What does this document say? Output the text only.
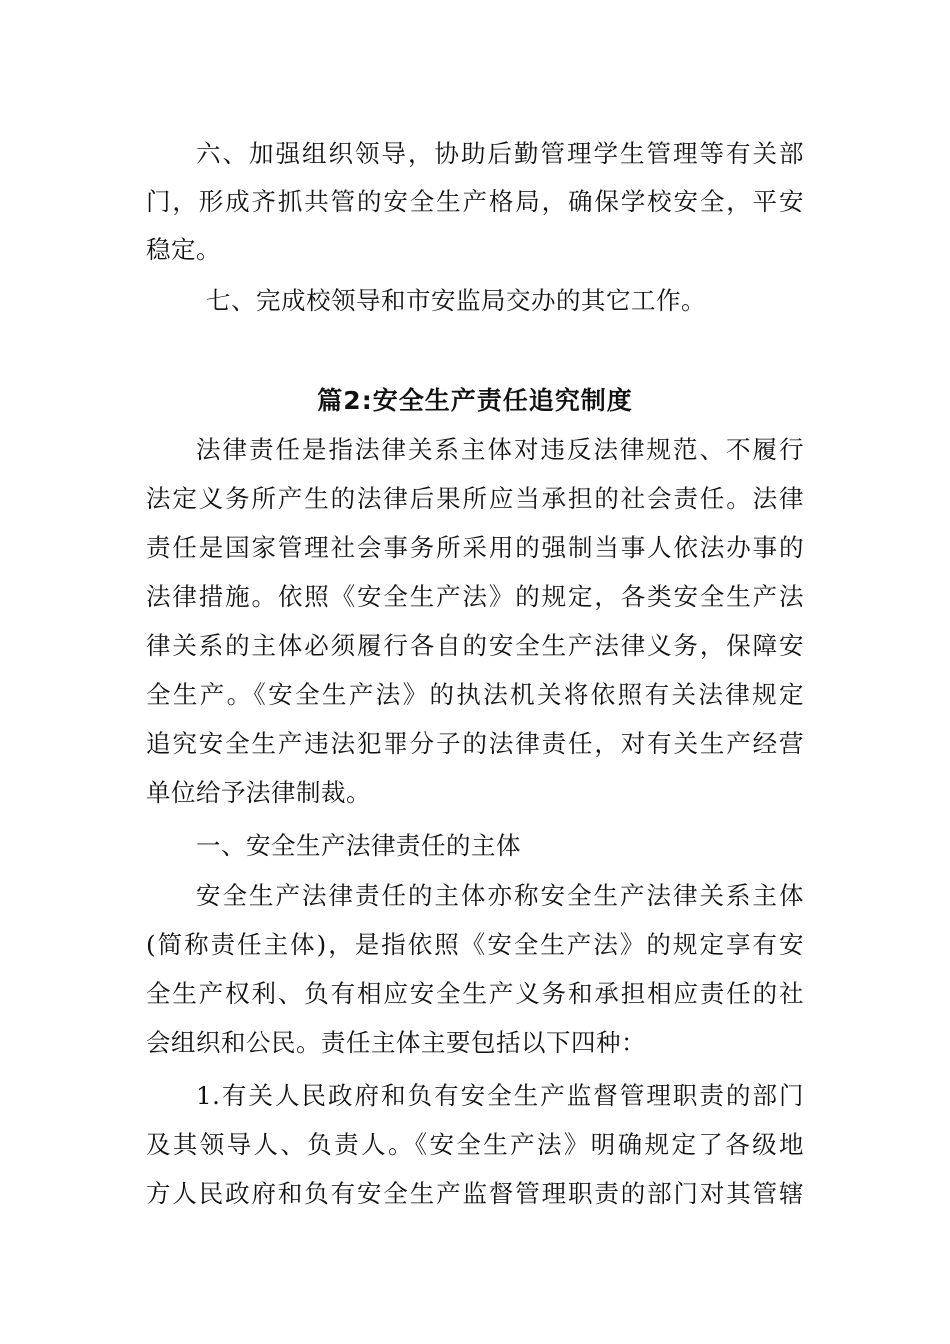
六、加强组织领导，协助后勤管理学生管理等有关部
门，形成齐抓共管的安全生产格局，确保学校安全，平安
稳定。
七、完成校领导和市安监局交办的其它工作。
篇2:安全生产责任追究制度
法律责任是指法律关系主体对违反法律规范、不履行
法定义务所产生的法律后果所应当承担的社会责任。法律
责任是国家管理社会事务所采用的强制当事人依法办事的
法律措施。依照《安全生产法》的规定，各类安全生产法
律关系的主体必须履行各自的安全生产法律义务，保障安
全生产。《安全生产法》的执法机关将依照有关法律规定
追究安全生产违法犯罪分子的法律责任，对有关生产经营
单位给予法律制裁。
一、安全生产法律责任的主体
安全生产法律责任的主体亦称安全生产法律关系主体
(简称责任主体)，是指依照《安全生产法》的规定享有安
全生产权利、负有相应安全生产义务和承担相应责任的社
会组织和公民。责任主体主要包括以下四种：
1.有关人民政府和负有安全生产监督管理职责的部门
及其领导人、负责人。《安全生产法》明确规定了各级地
方人民政府和负有安全生产监督管理职责的部门对其管辖
